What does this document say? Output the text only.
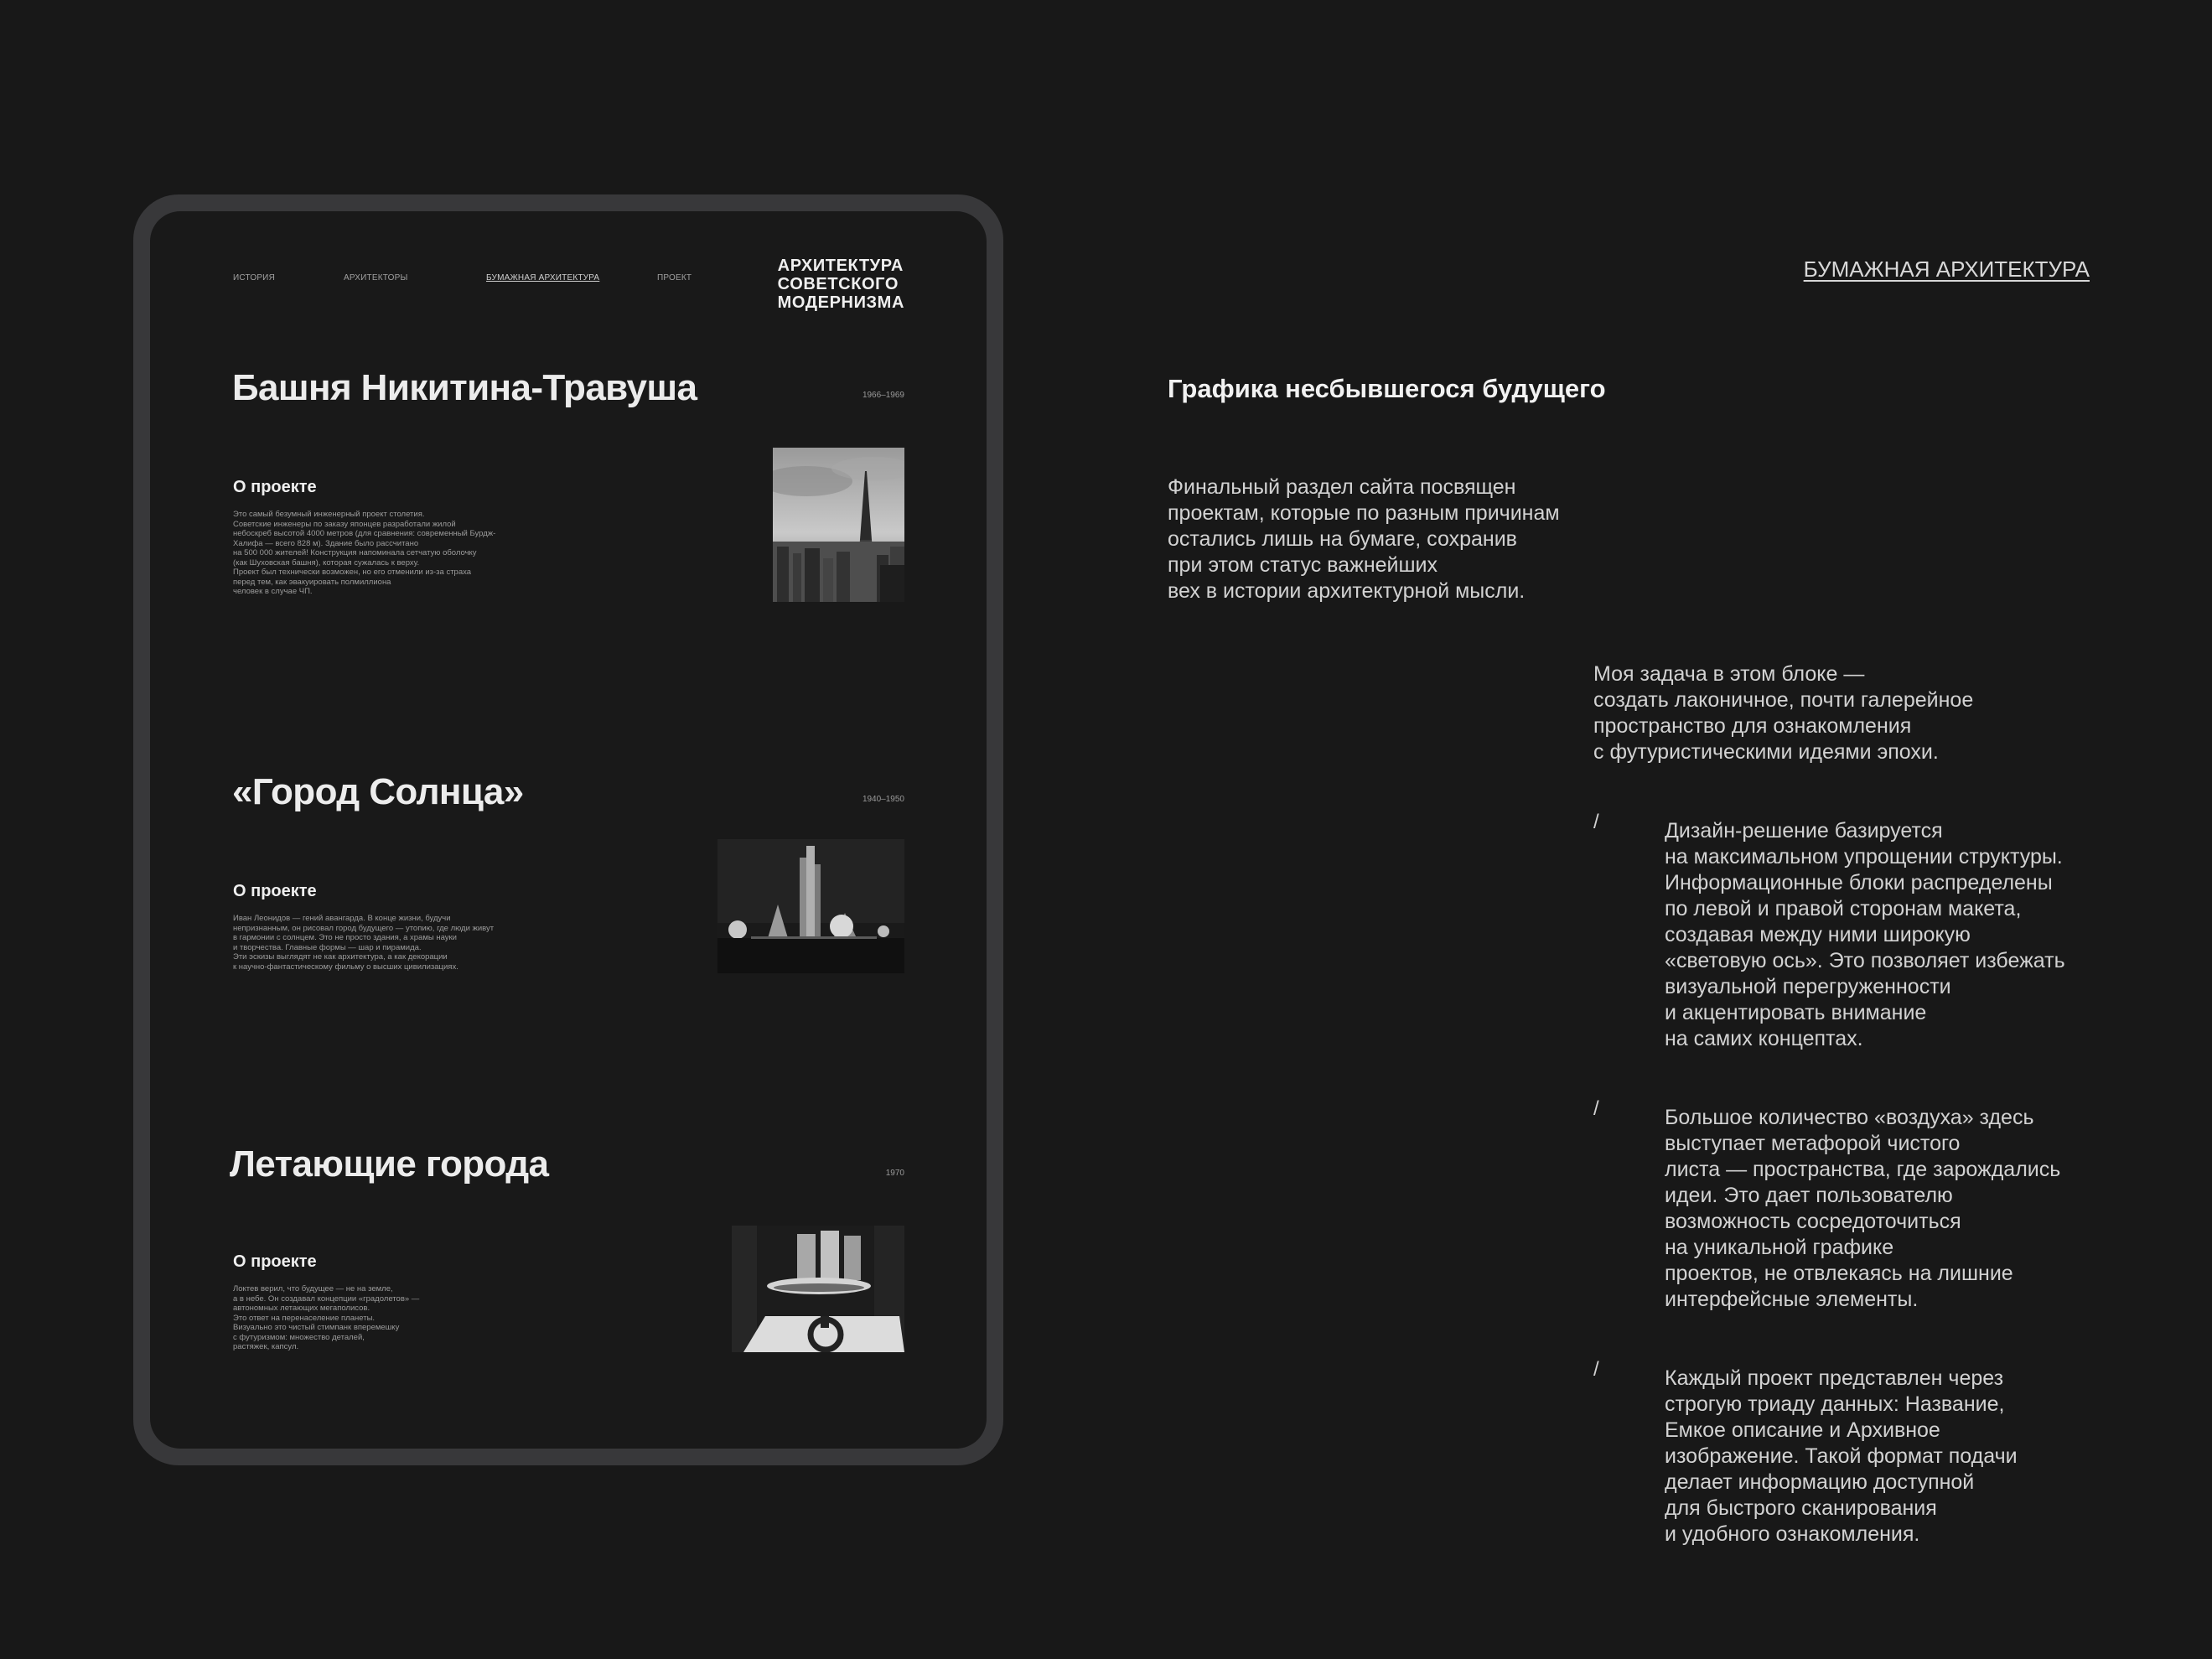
ИСТОРИЯ	АРХИТЕКТОРЫ	БУМАЖНАЯ АРХИТЕКТУРА	ПРОЕКТ
АРХИТЕКТУРА
СОВЕТСКОГО
МОДЕРНИЗМА
Башня Никитина-Травуша	1966–1969
О проекте
Это самый безумный инженерный проект столетия.
Советские инженеры по заказу японцев разработали жилой
небоскреб высотой 4000 метров (для сравнения: современный Бурдж-
Халифа — всего 828 м). Здание было рассчитано
на 500 000 жителей! Конструкция напоминала сетчатую оболочку
(как Шуховская башня), которая сужалась к верху.
Проект был технически возможен, но его отменили из-за страха
перед тем, как эвакуировать полмиллиона
человек в случае ЧП.
«Город Солнца»	1940–1950
О проекте
Иван Леонидов — гений авангарда. В конце жизни, будучи
непризнанным, он рисовал город будущего — утопию, где люди живут
в гармонии с солнцем. Это не просто здания, а храмы науки
и творчества. Главные формы — шар и пирамида.
Эти эскизы выглядят не как архитектура, а как декорации
к научно-фантастическому фильму о высших цивилизациях.
Летающие города	1970
О проекте
Локтев верил, что будущее — не на земле,
а в небе. Он создавал концепции «градолетов» —
автономных летающих мегаполисов.
Это ответ на перенаселение планеты.
Визуально это чистый стимпанк вперемешку
с футуризмом: множество деталей,
растяжек, капсул.
БУМАЖНАЯ АРХИТЕКТУРА
Графика несбывшегося будущего
Финальный раздел сайта посвящен
проектам, которые по разным причинам
остались лишь на бумаге, сохранив
при этом статус важнейших
вех в истории архитектурной мысли.
Моя задача в этом блоке —
создать лаконичное, почти галерейное
пространство для ознакомления
с футуристическими идеями эпохи.
/	Дизайн-решение базируется
на максимальном упрощении структуры.
Информационные блоки распределены
по левой и правой сторонам макета,
создавая между ними широкую
«световую ось». Это позволяет избежать
визуальной перегруженности
и акцентировать внимание
на самих концептах.
/	Большое количество «воздуха» здесь
выступает метафорой чистого
листа — пространства, где зарождались
идеи. Это дает пользователю
возможность сосредоточиться
на уникальной графике
проектов, не отвлекаясь на лишние
интерфейсные элементы.
/	Каждый проект представлен через
строгую триаду данных: Название,
Емкое описание и Архивное
изображение. Такой формат подачи
делает информацию доступной
для быстрого сканирования
и удобного ознакомления.
